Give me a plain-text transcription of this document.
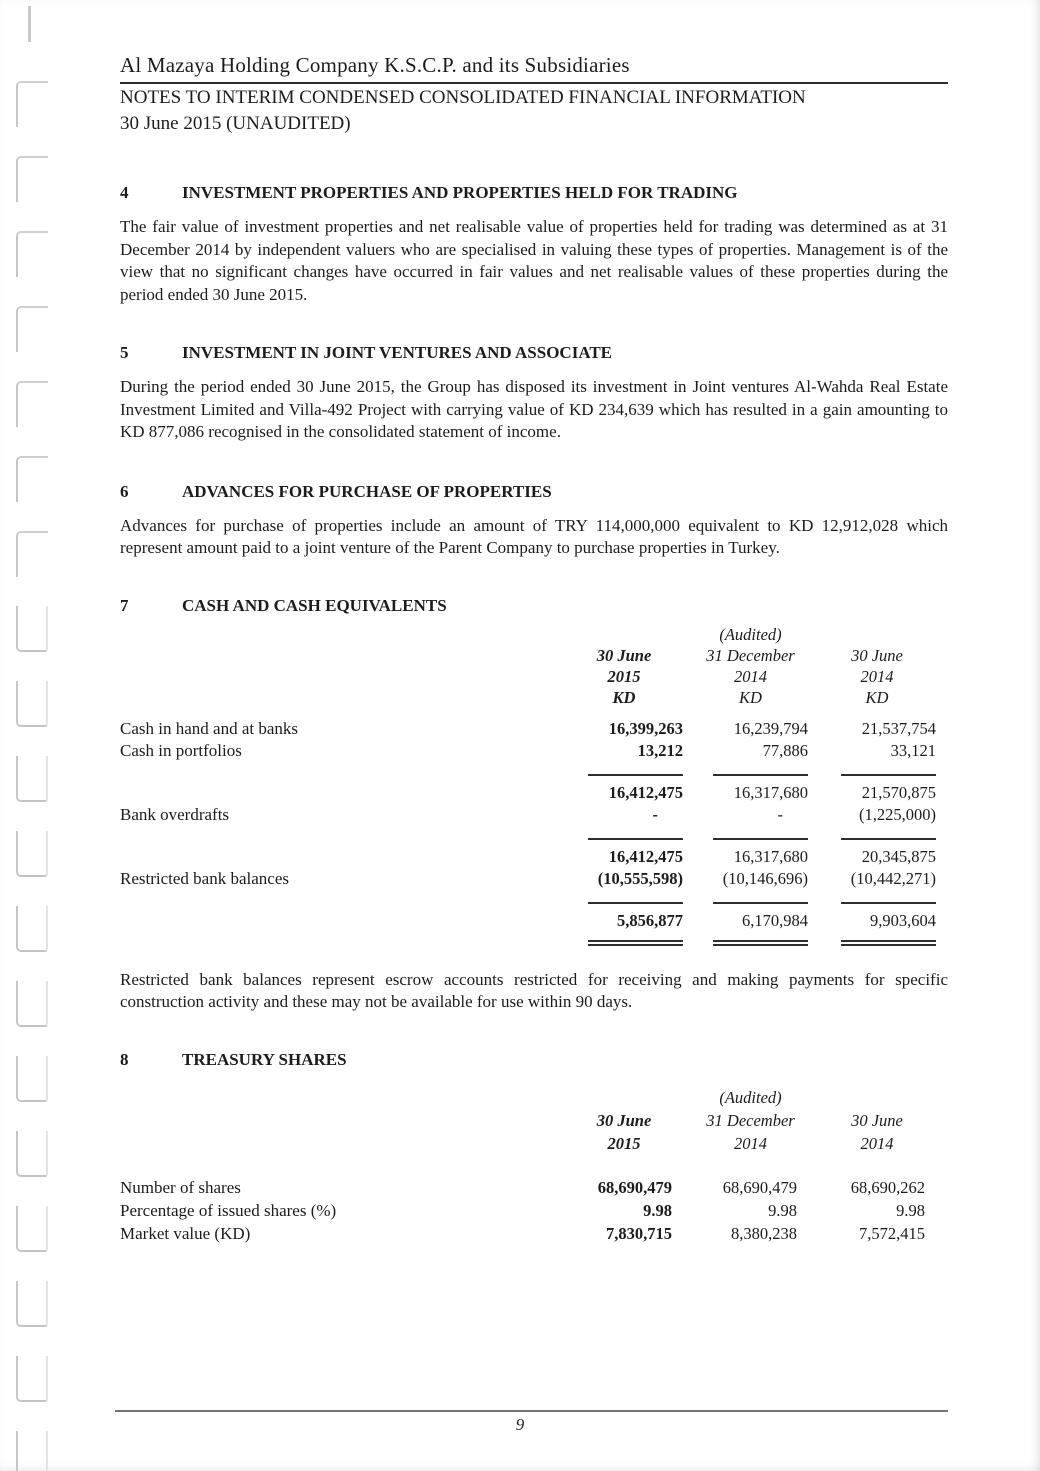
Al Mazaya Holding Company K.S.C.P. and its Subsidiaries
NOTES TO INTERIM CONDENSED CONSOLIDATED FINANCIAL INFORMATION
30 June 2015 (UNAUDITED)
4	INVESTMENT PROPERTIES AND PROPERTIES HELD FOR TRADING

The fair value of investment properties and net realisable value of properties held for trading was determined as at 31 December 2014 by independent valuers who are specialised in valuing these types of properties. Management is of the view that no significant changes have occurred in fair values and net realisable values of these properties during the period ended 30 June 2015.

5	INVESTMENT IN JOINT VENTURES AND ASSOCIATE

During the period ended 30 June 2015, the Group has disposed its investment in Joint ventures Al-Wahda Real Estate Investment Limited and Villa-492 Project with carrying value of KD 234,639 which has resulted in a gain amounting to KD 877,086 recognised in the consolidated statement of income.

6	ADVANCES FOR PURCHASE OF PROPERTIES

Advances for purchase of properties include an amount of TRY 114,000,000 equivalent to KD 12,912,028 which represent amount paid to a joint venture of the Parent Company to purchase properties in Turkey.

7	CASH AND CASH EQUIVALENTS
(Audited)
30 June	31 December	30 June
2015	2014	2014
KD	KD	KD
Cash in hand and at banks	16,399,263	16,239,794	21,537,754
Cash in portfolios	13,212	77,886	33,121
16,412,475	16,317,680	21,570,875
Bank overdrafts	-	-	(1,225,000)
16,412,475	16,317,680	20,345,875
Restricted bank balances	(10,555,598)	(10,146,696)	(10,442,271)
5,856,877	6,170,984	9,903,604

Restricted bank balances represent escrow accounts restricted for receiving and making payments for specific construction activity and these may not be available for use within 90 days.

8	TREASURY SHARES
(Audited)
30 June	31 December	30 June
2015	2014	2014
Number of shares	68,690,479	68,690,479	68,690,262
Percentage of issued shares (%)	9.98	9.98	9.98
Market value (KD)	7,830,715	8,380,238	7,572,415
9
